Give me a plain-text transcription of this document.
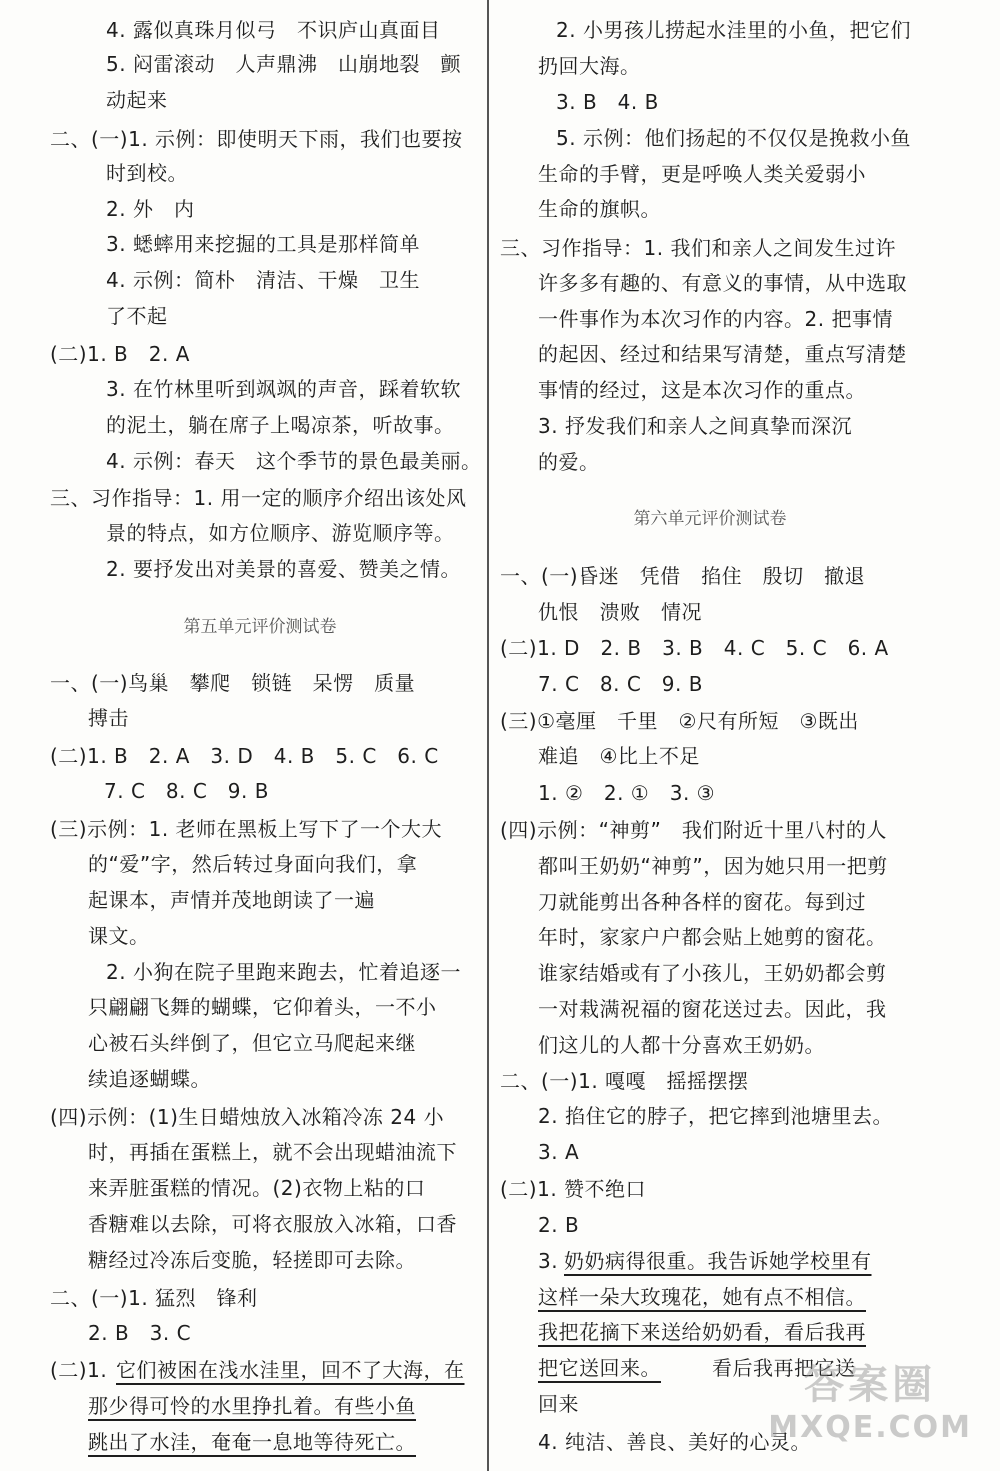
4. 露似真珠月似弓　不识庐山真面目
5. 闷雷滚动　人声鼎沸　山崩地裂　颤
动起来
二、(一)1. 示例：即使明天下雨，我们也要按
时到校。
2. 外　内
3. 蟋蟀用来挖掘的工具是那样简单
4. 示例：简朴　清洁、干燥　卫生
了不起
(二)1. B　2. A
3. 在竹林里听到飒飒的声音，踩着软软
的泥土，躺在席子上喝凉茶，听故事。
4. 示例：春天　这个季节的景色最美丽。
三、习作指导：1. 用一定的顺序介绍出该处风
景的特点，如方位顺序、游览顺序等。
2. 要抒发出对美景的喜爱、赞美之情。
第五单元评价测试卷
一、(一)鸟巢　攀爬　锁链　呆愣　质量
搏击
(二)1. B　2. A　3. D　4. B　5. C　6. C
7. C　8. C　9. B
(三)示例：1. 老师在黑板上写下了一个大大
的“爱”字，然后转过身面向我们，拿
起课本，声情并茂地朗读了一遍
课文。
2. 小狗在院子里跑来跑去，忙着追逐一
只翩翩飞舞的蝴蝶，它仰着头，一不小
心被石头绊倒了，但它立马爬起来继
续追逐蝴蝶。
(四)示例：(1)生日蜡烛放入冰箱冷冻 24 小
时，再插在蛋糕上，就不会出现蜡油流下
来弄脏蛋糕的情况。(2)衣物上粘的口
香糖难以去除，可将衣服放入冰箱，口香
糖经过冷冻后变脆，轻搓即可去除。
二、(一)1. 猛烈　锋利
2. B　3. C
(二)1. 它们被困在浅水洼里，回不了大海，在
那少得可怜的水里挣扎着。有些小鱼
跳出了水洼，奄奄一息地等待死亡。
2. 小男孩儿捞起水洼里的小鱼，把它们
扔回大海。
3. B　4. B
5. 示例：他们扬起的不仅仅是挽救小鱼
生命的手臂，更是呼唤人类关爱弱小
生命的旗帜。
三、习作指导：1. 我们和亲人之间发生过许
许多多有趣的、有意义的事情，从中选取
一件事作为本次习作的内容。2. 把事情
的起因、经过和结果写清楚，重点写清楚
事情的经过，这是本次习作的重点。
3. 抒发我们和亲人之间真挚而深沉
的爱。
第六单元评价测试卷
一、(一)昏迷　凭借　掐住　殷切　撤退
仇恨　溃败　情况
(二)1. D　2. B　3. B　4. C　5. C　6. A
7. C　8. C　9. B
(三)①毫厘　千里　②尺有所短　③既出
难追　④比上不足
1. ②　2. ①　3. ③
(四)示例：“神剪”　我们附近十里八村的人
都叫王奶奶“神剪”，因为她只用一把剪
刀就能剪出各种各样的窗花。每到过
年时，家家户户都会贴上她剪的窗花。
谁家结婚或有了小孩儿，王奶奶都会剪
一对栽满祝福的窗花送过去。因此，我
们这儿的人都十分喜欢王奶奶。
二、(一)1. 嘎嘎　摇摇摆摆
2. 掐住它的脖子，把它摔到池塘里去。
3. A
(二)1. 赞不绝口
2. B
3. 奶奶病得很重。我告诉她学校里有
这样一朵大玫瑰花，她有点不相信。
我把花摘下来送给奶奶看，看后我再
把它送回来。	看后我再把它送
回来
4. 纯洁、善良、美好的心灵。
答案圈
MXQE.COM
